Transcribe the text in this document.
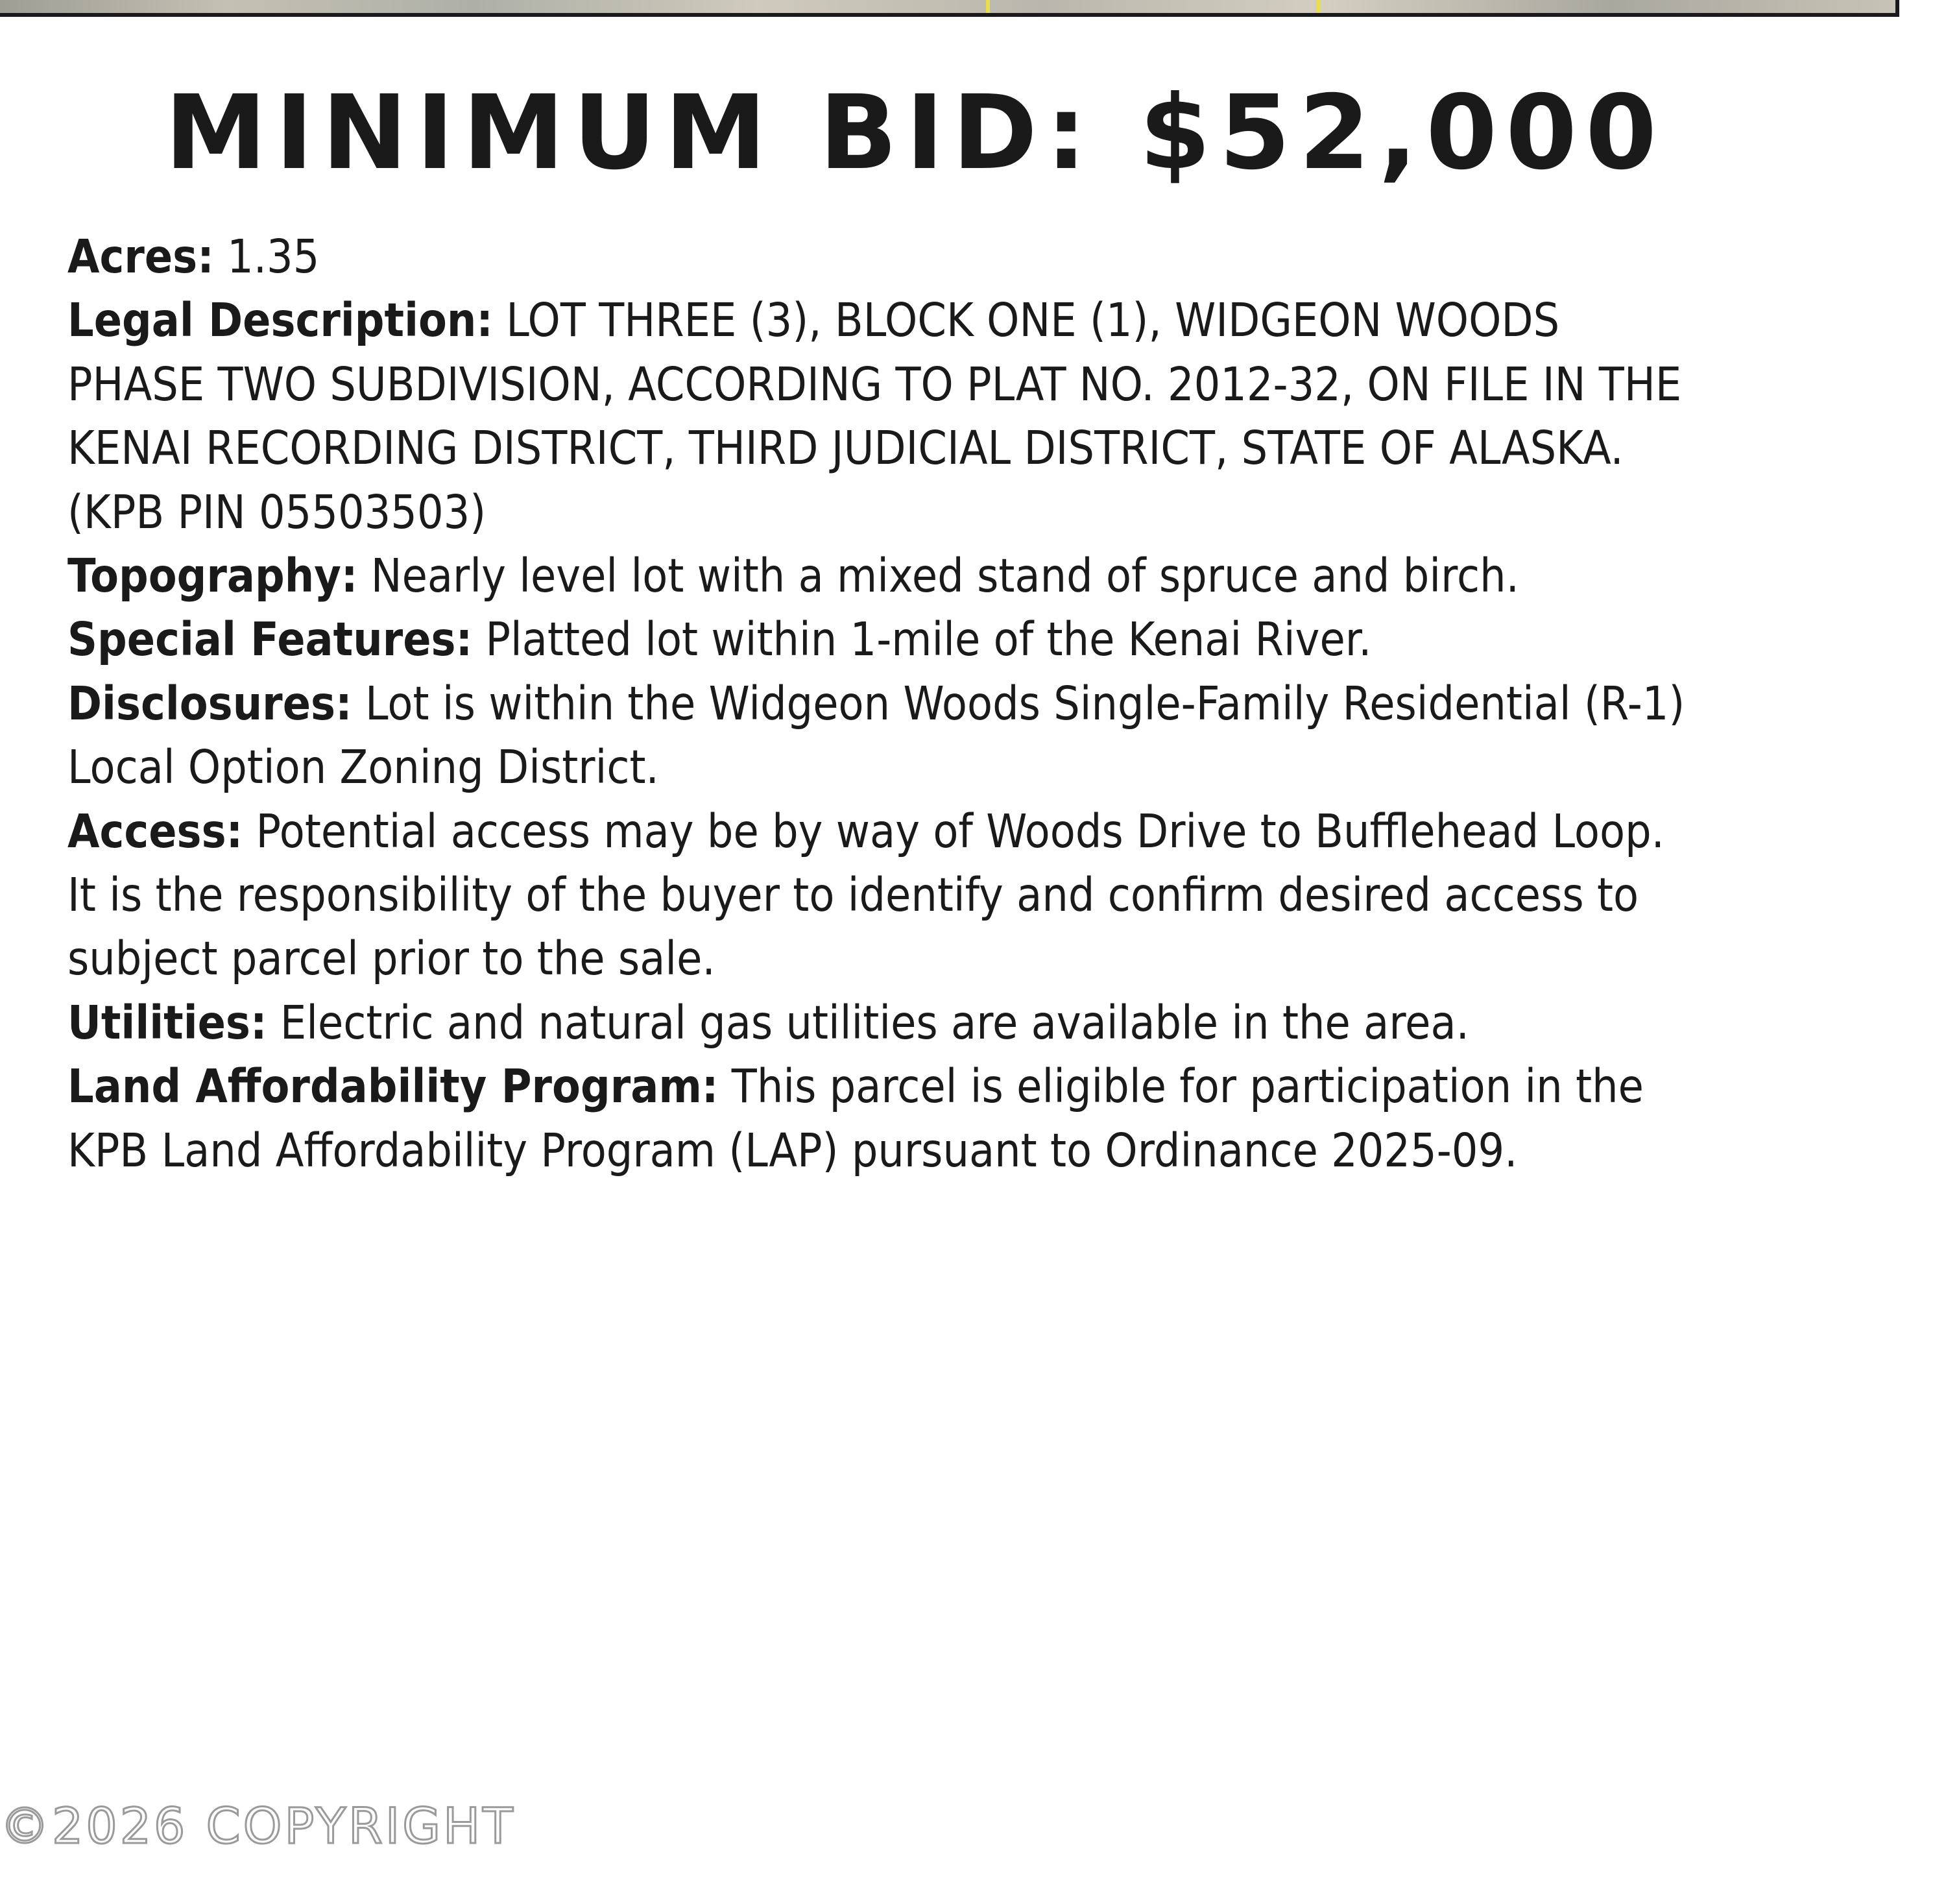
MINIMUM BID: $52,000
Acres: 1.35
Legal Description: LOT THREE (3), BLOCK ONE (1), WIDGEON WOODS PHASE TWO SUBDIVISION, ACCORDING TO PLAT NO. 2012-32, ON FILE IN THE KENAI RECORDING DISTRICT, THIRD JUDICIAL DISTRICT, STATE OF ALASKA. (KPB PIN 05503503)
Topography: Nearly level lot with a mixed stand of spruce and birch.
Special Features: Platted lot within 1-mile of the Kenai River.
Disclosures: Lot is within the Widgeon Woods Single-Family Residential (R-1) Local Option Zoning District.
Access: Potential access may be by way of Woods Drive to Bufflehead Loop. It is the responsibility of the buyer to identify and confirm desired access to subject parcel prior to the sale.
Utilities: Electric and natural gas utilities are available in the area.
Land Affordability Program: This parcel is eligible for participation in the KPB Land Affordability Program (LAP) pursuant to Ordinance 2025-09.
©2026 COPYRIGHT
